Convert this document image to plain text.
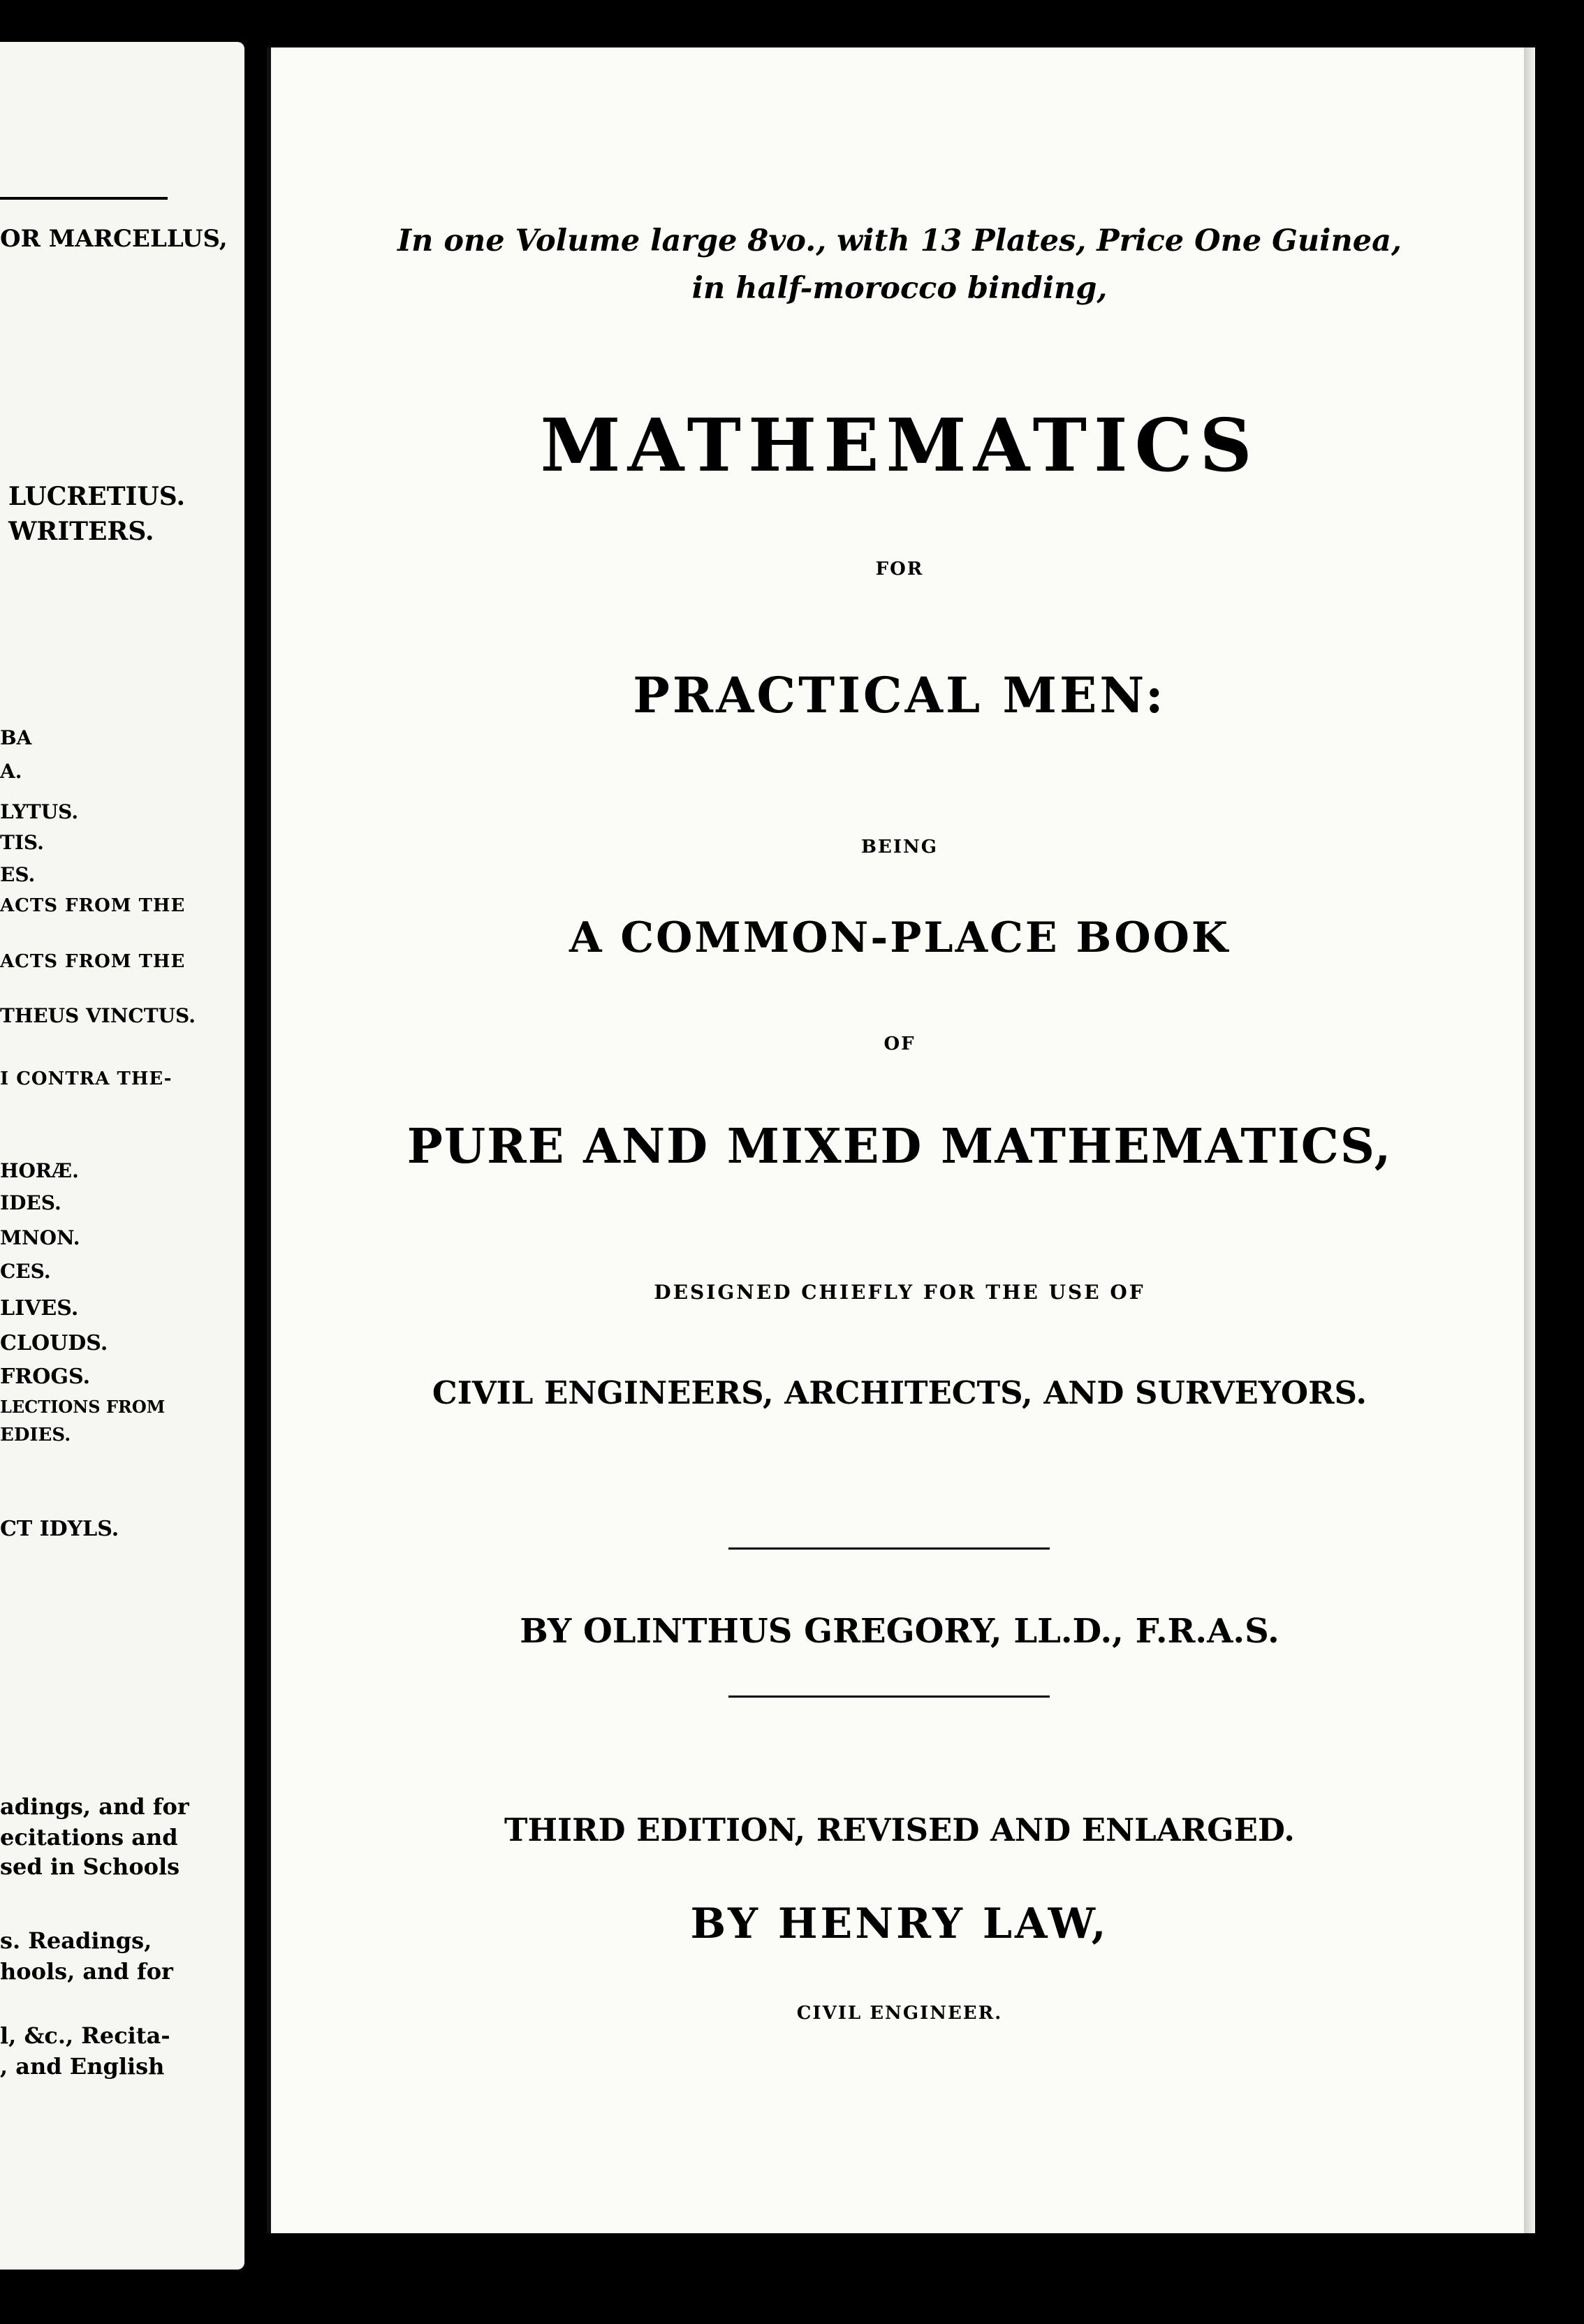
OR MARCELLUS,
LUCRETIUS.
WRITERS.
BA
A.
LYTUS.
TIS.
ES.
ACTS FROM THE
ACTS FROM THE
THEUS VINCTUS.
I CONTRA THE-
HORÆ.
IDES.
MNON.
CES.
LIVES.
CLOUDS.
FROGS.
LECTIONS FROM
EDIES.
CT IDYLS.
adings, and for
ecitations and
sed in Schools
s. Readings,
hools, and for
l, &c., Recita-
, and English
In one Volume large 8vo., with 13 Plates, Price One Guinea,
in half-morocco binding,
MATHEMATICS
FOR
PRACTICAL MEN:
BEING
A COMMON-PLACE BOOK
OF
PURE AND MIXED MATHEMATICS,
DESIGNED CHIEFLY FOR THE USE OF
CIVIL ENGINEERS, ARCHITECTS, AND SURVEYORS.
BY OLINTHUS GREGORY, LL.D., F.R.A.S.
THIRD EDITION, REVISED AND ENLARGED.
BY HENRY LAW,
CIVIL ENGINEER.
